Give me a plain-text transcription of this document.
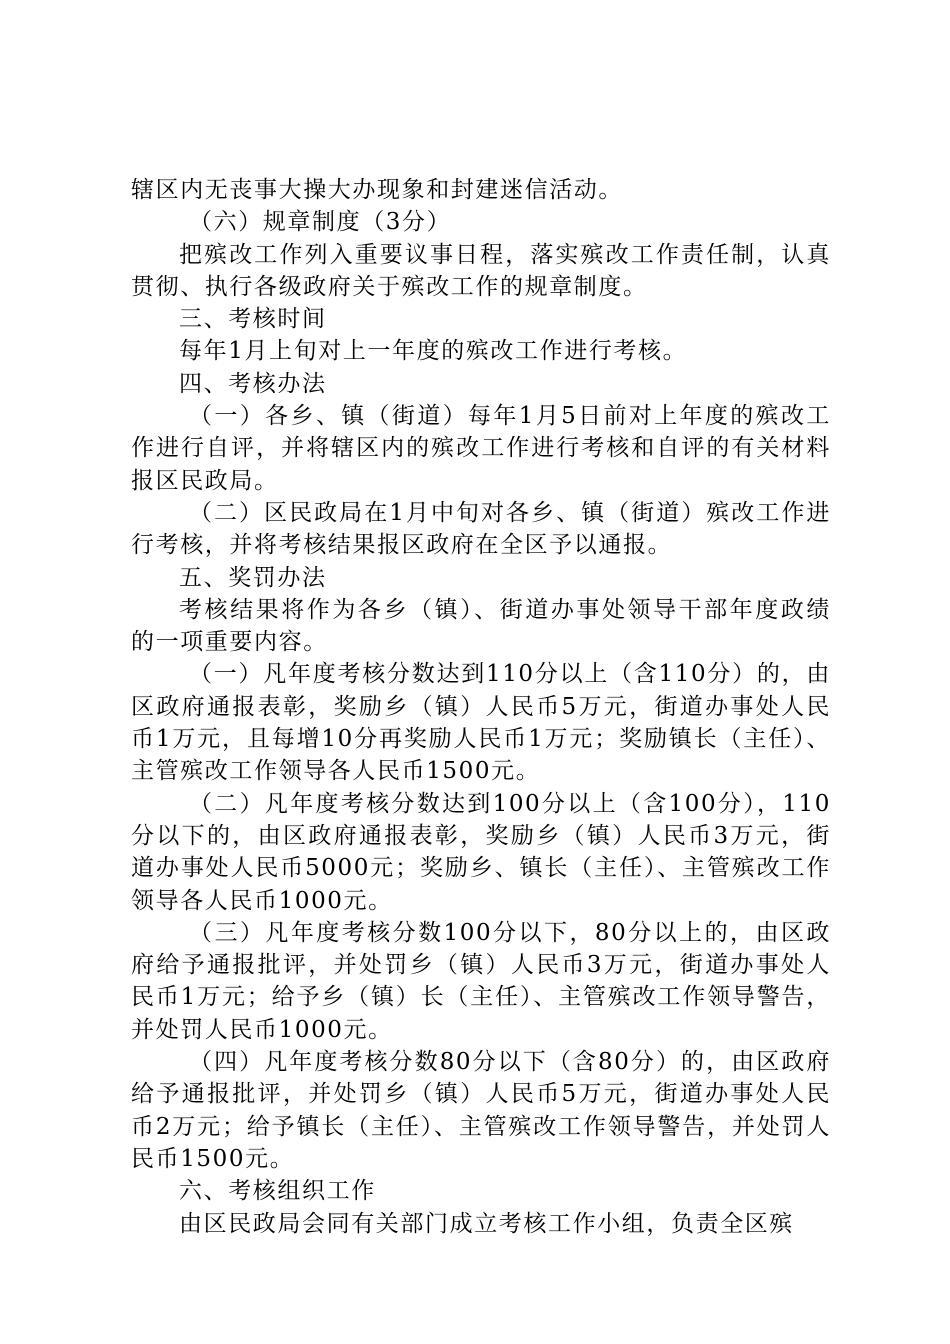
辖区内无丧事大操大办现象和封建迷信活动。

（六）规章制度（3分）

把殡改工作列入重要议事日程，落实殡改工作责任制，认真贯彻、执行各级政府关于殡改工作的规章制度。

三、考核时间

每年1月上旬对上一年度的殡改工作进行考核。

四、考核办法

（一）各乡、镇（街道）每年1月5日前对上年度的殡改工作进行自评，并将辖区内的殡改工作进行考核和自评的有关材料报区民政局。

（二）区民政局在1月中旬对各乡、镇（街道）殡改工作进行考核，并将考核结果报区政府在全区予以通报。

五、奖罚办法

考核结果将作为各乡（镇）、街道办事处领导干部年度政绩的一项重要内容。

（一）凡年度考核分数达到110分以上（含110分）的，由区政府通报表彰，奖励乡（镇）人民币5万元，街道办事处人民币1万元，且每增10分再奖励人民币1万元；奖励镇长（主任）、主管殡改工作领导各人民币1500元。

（二）凡年度考核分数达到100分以上（含100分），110分以下的，由区政府通报表彰，奖励乡（镇）人民币3万元，街道办事处人民币5000元；奖励乡、镇长（主任）、主管殡改工作领导各人民币1000元。

（三）凡年度考核分数100分以下，80分以上的，由区政府给予通报批评，并处罚乡（镇）人民币3万元，街道办事处人民币1万元；给予乡（镇）长（主任）、主管殡改工作领导警告，并处罚人民币1000元。

（四）凡年度考核分数80分以下（含80分）的，由区政府给予通报批评，并处罚乡（镇）人民币5万元，街道办事处人民币2万元；给予镇长（主任）、主管殡改工作领导警告，并处罚人民币1500元。

六、考核组织工作

由区民政局会同有关部门成立考核工作小组，负责全区殡
